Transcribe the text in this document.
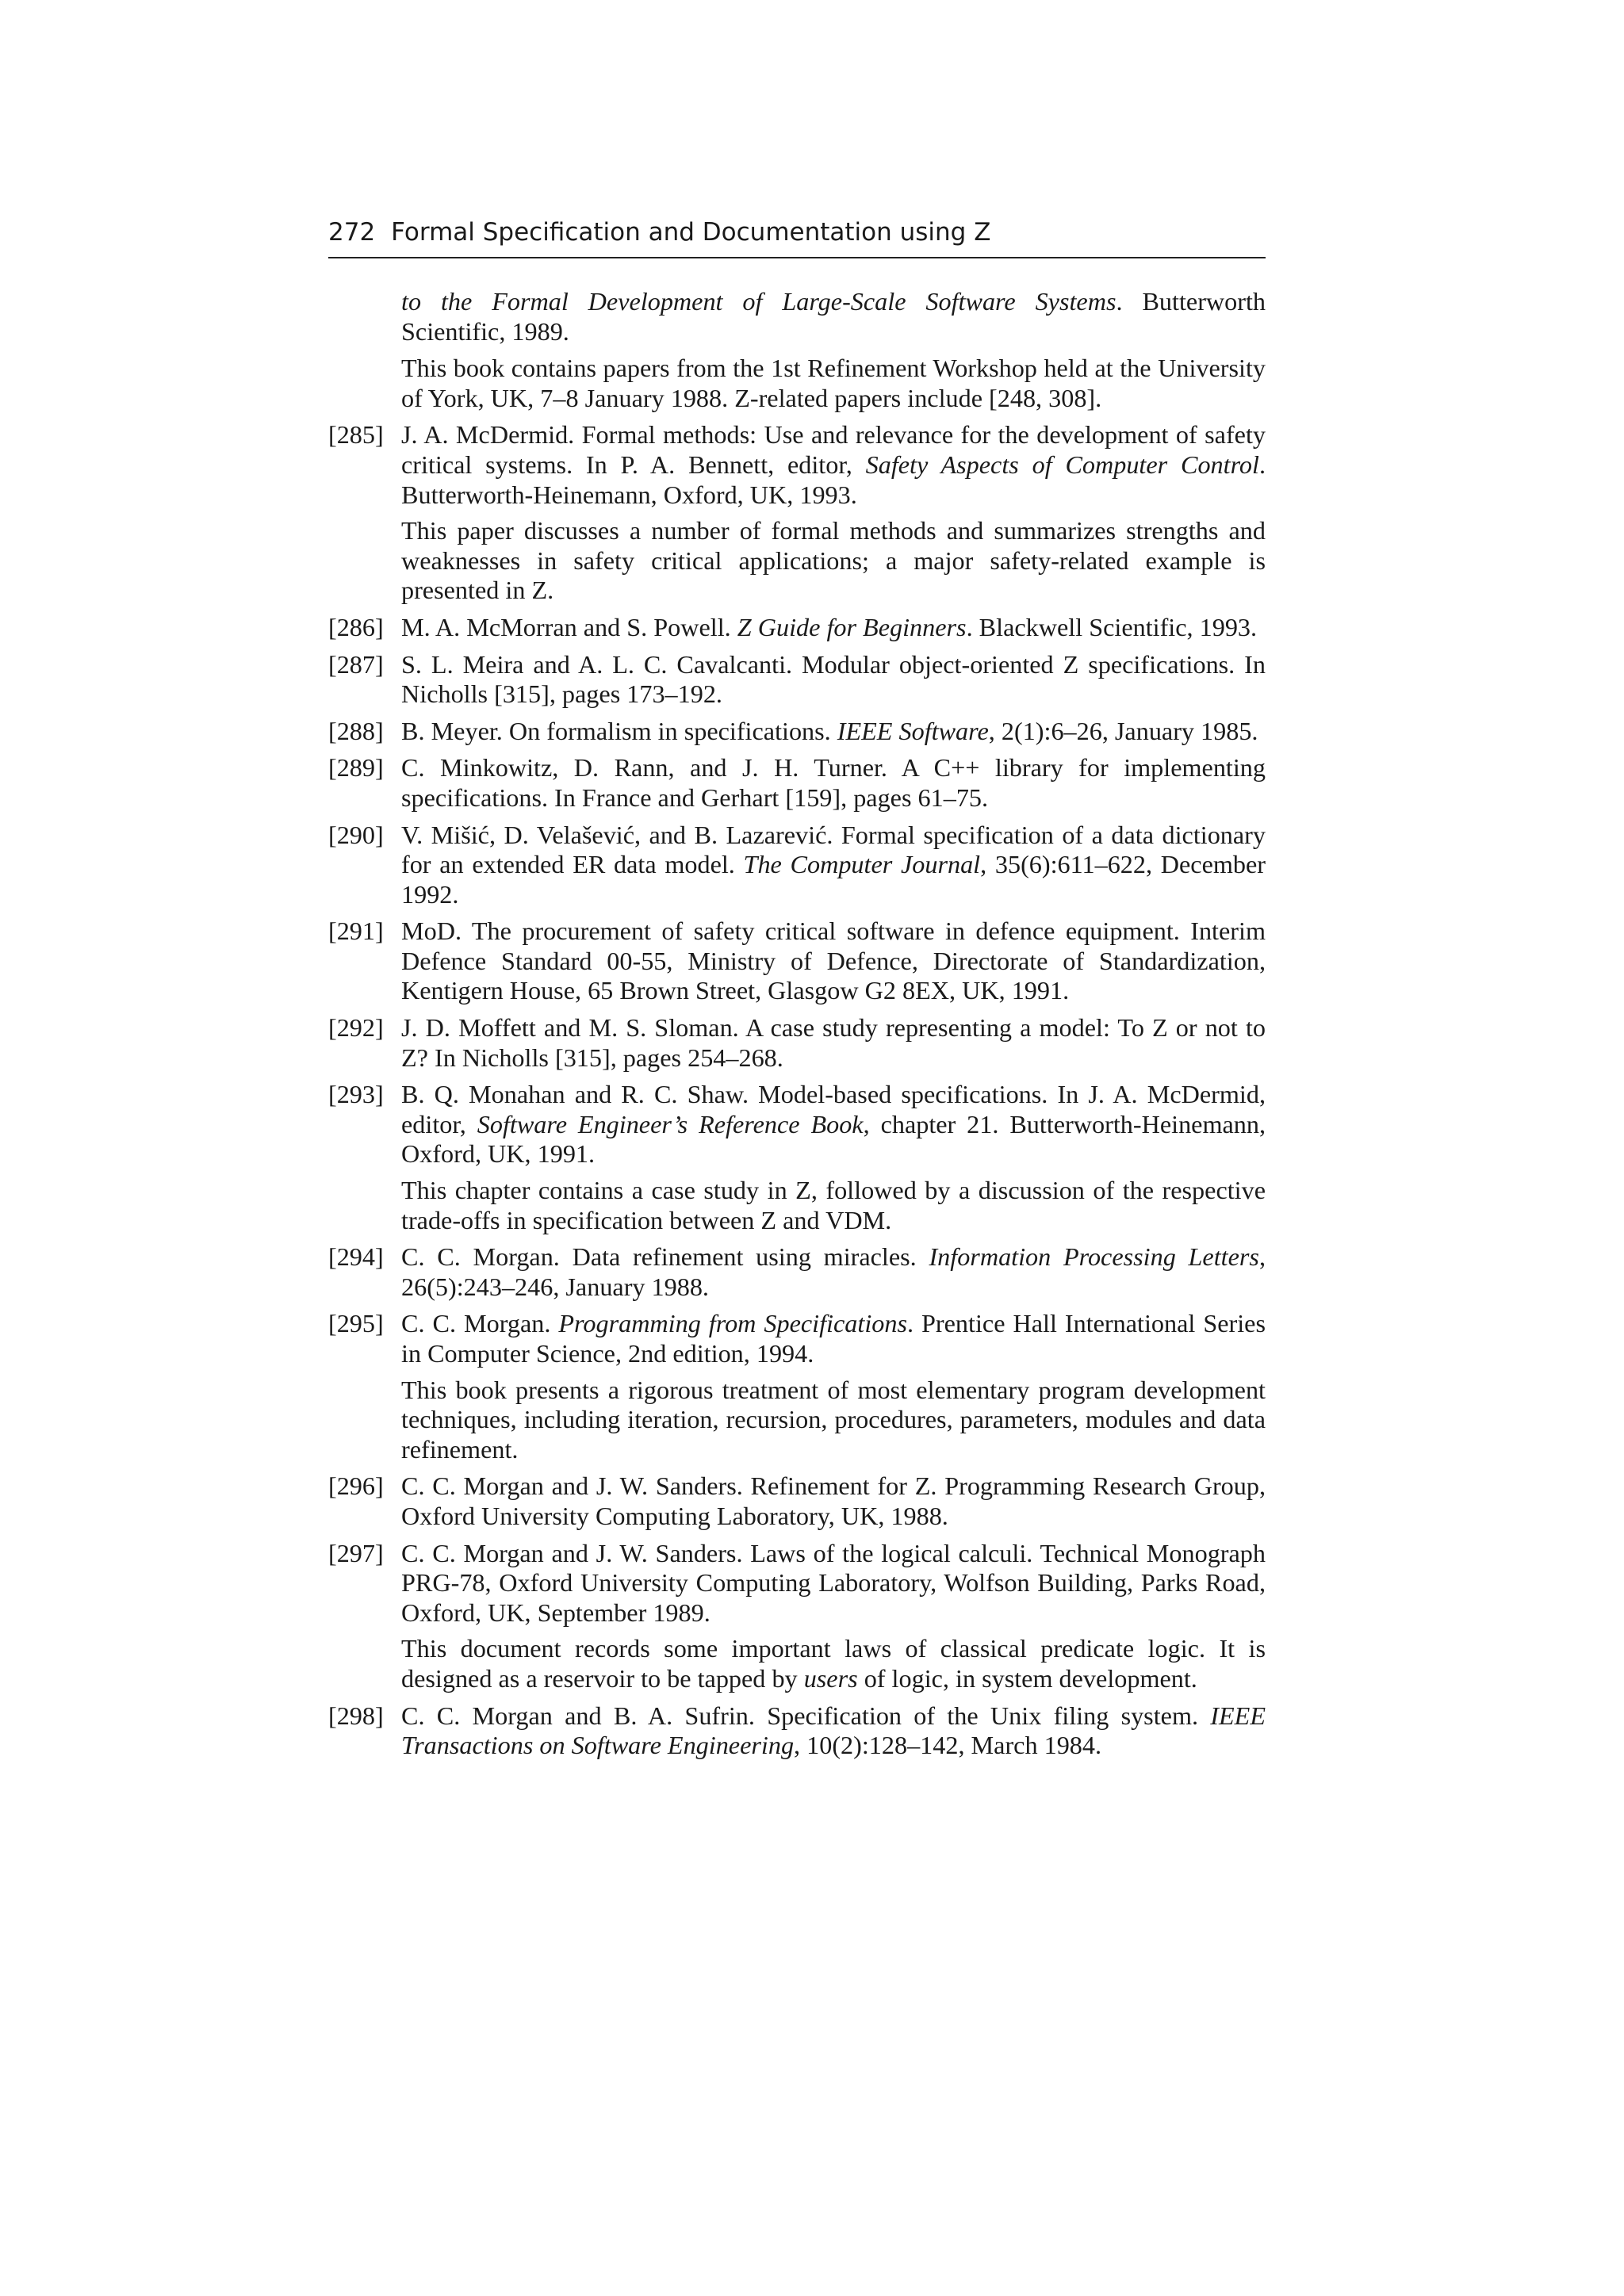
272 Formal Specification and Documentation using Z
to the Formal Development of Large-Scale Software Systems. Butterworth Scientific, 1989.
This book contains papers from the 1st Refinement Workshop held at the University of York, UK, 7–8 January 1988. Z-related papers include [248, 308].
[285] J. A. McDermid. Formal methods: Use and relevance for the development of safety critical systems. In P. A. Bennett, editor, Safety Aspects of Computer Control. Butterworth-Heinemann, Oxford, UK, 1993.
This paper discusses a number of formal methods and summarizes strengths and weaknesses in safety critical applications; a major safety-related example is presented in Z.
[286] M. A. McMorran and S. Powell. Z Guide for Beginners. Blackwell Scientific, 1993.
[287] S. L. Meira and A. L. C. Cavalcanti. Modular object-oriented Z specifications. In Nicholls [315], pages 173–192.
[288] B. Meyer. On formalism in specifications. IEEE Software, 2(1):6–26, January 1985.
[289] C. Minkowitz, D. Rann, and J. H. Turner. A C++ library for implementing specifications. In France and Gerhart [159], pages 61–75.
[290] V. Mišić, D. Velašević, and B. Lazarević. Formal specification of a data dictionary for an extended ER data model. The Computer Journal, 35(6):611–622, December 1992.
[291] MoD. The procurement of safety critical software in defence equipment. Interim Defence Standard 00-55, Ministry of Defence, Directorate of Standardization, Kentigern House, 65 Brown Street, Glasgow G2 8EX, UK, 1991.
[292] J. D. Moffett and M. S. Sloman. A case study representing a model: To Z or not to Z? In Nicholls [315], pages 254–268.
[293] B. Q. Monahan and R. C. Shaw. Model-based specifications. In J. A. McDermid, editor, Software Engineer’s Reference Book, chapter 21. Butterworth-Heinemann, Oxford, UK, 1991.
This chapter contains a case study in Z, followed by a discussion of the respective trade-offs in specification between Z and VDM.
[294] C. C. Morgan. Data refinement using miracles. Information Processing Letters, 26(5):243–246, January 1988.
[295] C. C. Morgan. Programming from Specifications. Prentice Hall International Series in Computer Science, 2nd edition, 1994.
This book presents a rigorous treatment of most elementary program development techniques, including iteration, recursion, procedures, parameters, modules and data refinement.
[296] C. C. Morgan and J. W. Sanders. Refinement for Z. Programming Research Group, Oxford University Computing Laboratory, UK, 1988.
[297] C. C. Morgan and J. W. Sanders. Laws of the logical calculi. Technical Monograph PRG-78, Oxford University Computing Laboratory, Wolfson Building, Parks Road, Oxford, UK, September 1989.
This document records some important laws of classical predicate logic. It is designed as a reservoir to be tapped by users of logic, in system development.
[298] C. C. Morgan and B. A. Sufrin. Specification of the Unix filing system. IEEE Transactions on Software Engineering, 10(2):128–142, March 1984.
